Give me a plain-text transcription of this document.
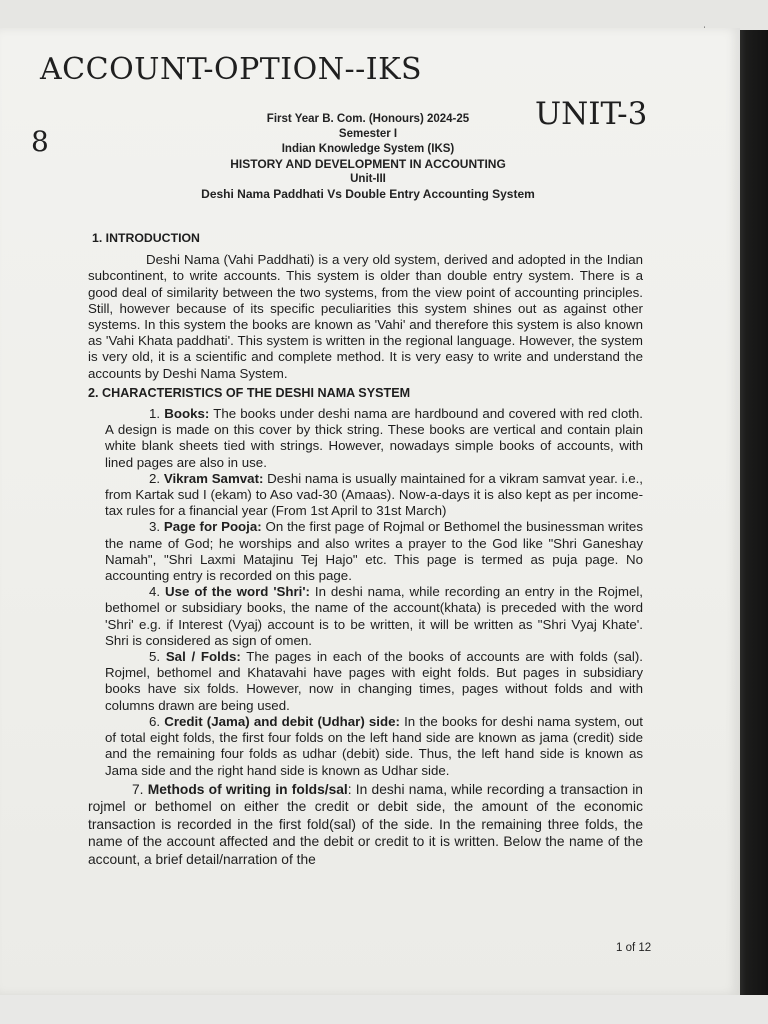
ˈ
ACCOUNT-OPTION--IKS
UNIT-3
8
First Year B. Com. (Honours) 2024-25
Semester I
Indian Knowledge System (IKS)
HISTORY AND DEVELOPMENT IN ACCOUNTING
Unit-III
Deshi Nama Paddhati Vs Double Entry Accounting System
1. INTRODUCTION

Deshi Nama (Vahi Paddhati) is a very old system, derived and adopted in the Indian subcontinent, to write accounts. This system is older than double entry system. There is a good deal of similarity between the two systems, from the view point of accounting principles. Still, however because of its specific peculiarities this system shines out as against other systems. In this system the books are known as 'Vahi' and therefore this system is also known as 'Vahi Khata paddhati'. This system is written in the regional language. However, the system is very old, it is a scientific and complete method. It is very easy to write and understand the accounts by Deshi Nama System.

2. CHARACTERISTICS OF THE DESHI NAMA SYSTEM

1. Books: The books under deshi nama are hardbound and covered with red cloth. A design is made on this cover by thick string. These books are vertical and contain plain white blank sheets tied with strings. However, nowadays simple books of accounts, with lined pages are also in use.

2. Vikram Samvat: Deshi nama is usually maintained for a vikram samvat year. i.e., from Kartak sud I (ekam) to Aso vad-30 (Amaas). Now-a-days it is also kept as per income-tax rules for a financial year (From 1st April to 31st March)

3. Page for Pooja: On the first page of Rojmal or Bethomel the businessman writes the name of God; he worships and also writes a prayer to the God like "Shri Ganeshay Namah", "Shri Laxmi Matajinu Tej Hajo" etc. This page is termed as puja page. No accounting entry is recorded on this page.

4. Use of the word 'Shri': In deshi nama, while recording an entry in the Rojmel, bethomel or subsidiary books, the name of the account(khata) is preceded with the word 'Shri' e.g. if Interest (Vyaj) account is to be written, it will be written as "Shri Vyaj Khate'. Shri is considered as sign of omen.

5. Sal / Folds: The pages in each of the books of accounts are with folds (sal). Rojmel, bethomel and Khatavahi have pages with eight folds. But pages in subsidiary books have six folds. However, now in changing times, pages without folds and with columns drawn are being used.

6. Credit (Jama) and debit (Udhar) side: In the books for deshi nama system, out of total eight folds, the first four folds on the left hand side are known as jama (credit) side and the remaining four folds as udhar (debit) side. Thus, the left hand side is known as Jama side and the right hand side is known as Udhar side.

7. Methods of writing in folds/sal: In deshi nama, while recording a transaction in rojmel or bethomel on either the credit or debit side, the amount of the economic transaction is recorded in the first fold(sal) of the side. In the remaining three folds, the name of the account affected and the debit or credit to it is written. Below the name of the account, a brief detail/narration of the

1 of 12
